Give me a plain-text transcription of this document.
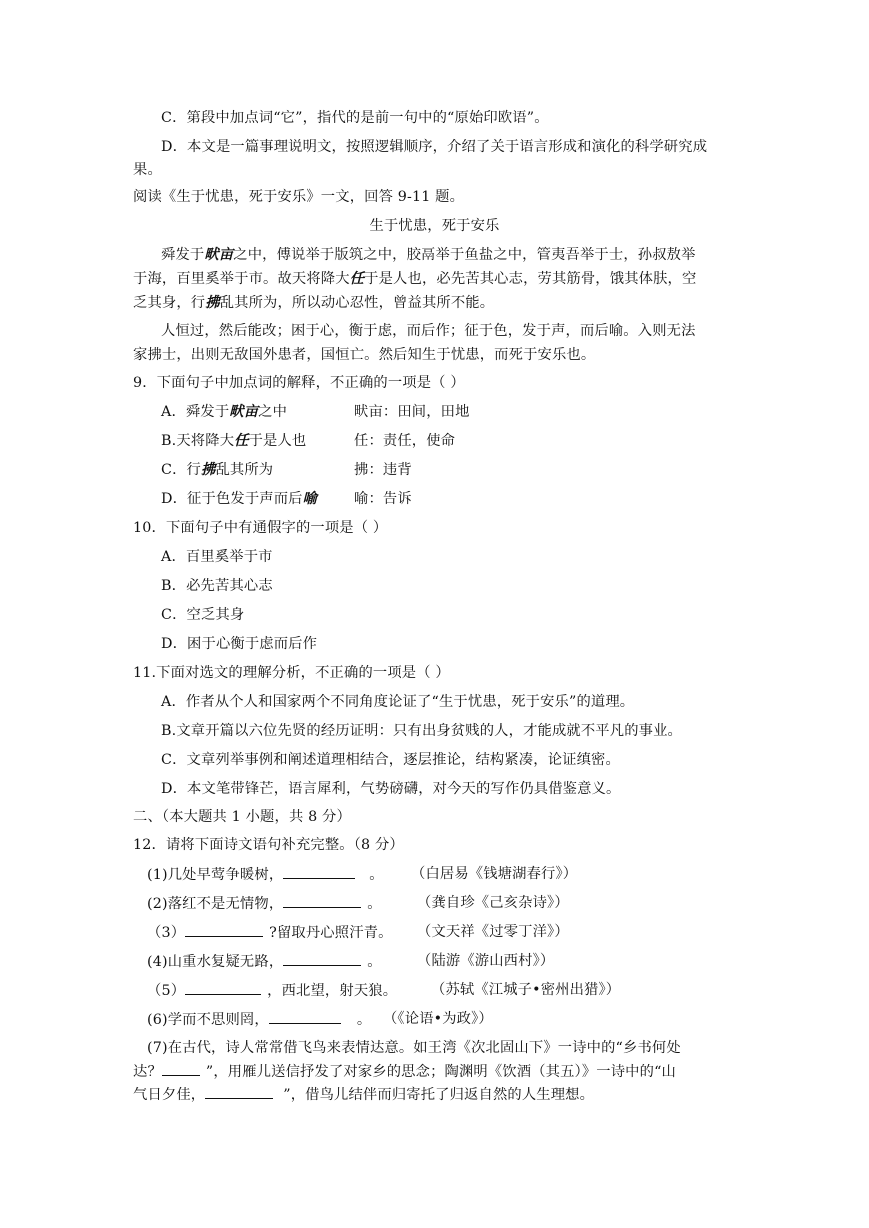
C．第段中加点词“它”，指代的是前一句中的“原始印欧语”。
D．本文是一篇事理说明文，按照逻辑顺序，介绍了关于语言形成和演化的科学研究成
果。
阅读《生于忧患，死于安乐》一文，回答 9-11 题。
生于忧患，死于安乐
舜发于畎亩之中，傅说举于版筑之中，胶鬲举于鱼盐之中，管夷吾举于士，孙叔敖举
于海，百里奚举于市。故天将降大任于是人也，必先苦其心志，劳其筋骨，饿其体肤，空
乏其身，行拂乱其所为，所以动心忍性，曾益其所不能。
人恒过，然后能改；困于心，衡于虑，而后作；征于色，发于声，而后喻。入则无法
家拂士，出则无敌国外患者，国恒亡。然后知生于忧患，而死于安乐也。
9．下面句子中加点词的解释，不正确的一项是（ ）
A．舜发于畎亩之中	畎亩：田间，田地
B.天将降大任于是人也	任：责任，使命
C．行拂乱其所为	拂：违背
D．征于色发于声而后喻	喻：告诉
10．下面句子中有通假字的一项是（ ）
A．百里奚举于市
B．必先苦其心志
C．空乏其身
D．困于心衡于虑而后作
11.下面对选文的理解分析，不正确的一项是（ ）
A．作者从个人和国家两个不同角度论证了“生于忧患，死于安乐”的道理。
B.文章开篇以六位先贤的经历证明：只有出身贫贱的人，才能成就不平凡的事业。
C．文章列举事例和阐述道理相结合，逐层推论，结构紧凑，论证缜密。
D．本文笔带锋芒，语言犀利，气势磅礴，对今天的写作仍具借鉴意义。
二、（本大题共 1 小题，共 8 分）
12．请将下面诗文语句补充完整。（8 分）
(1)几处早莺争暖树，	。 （白居易《钱塘湖春行》）
(2)落红不是无情物，	。 （龚自珍《己亥杂诗》）
（3）	?留取丹心照汗青。 （文天祥《过零丁洋》）
(4)山重水复疑无路，	。 （陆游《游山西村》）
（5）	，西北望，射天狼。 （苏轼《江城子•密州出猎》）
(6)学而不思则罔，	。 （《论语•为政》）
(7)在古代，诗人常常借飞鸟来表情达意。如王湾《次北固山下》一诗中的“乡书何处
达？	”，用雁儿送信抒发了对家乡的思念；陶渊明《饮酒（其五）》一诗中的“山
气日夕佳，	”，借鸟儿结伴而归寄托了归返自然的人生理想。
